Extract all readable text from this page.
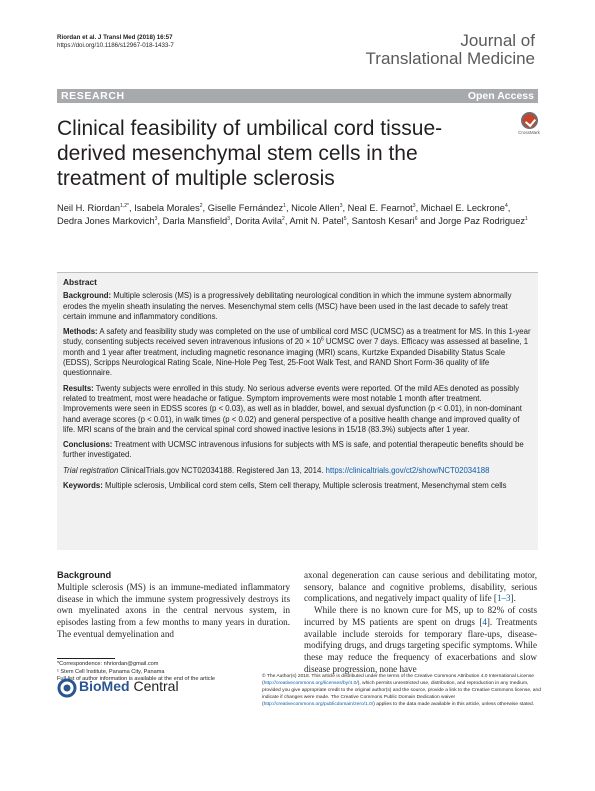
Riordan et al. J Transl Med (2018) 16:57
https://doi.org/10.1186/s12967-018-1433-7	Journal of
Translational Medicine
RESEARCH	Open Access
Clinical feasibility of umbilical cord tissue-derived mesenchymal stem cells in the treatment of multiple sclerosis
CrossMark
Neil H. Riordan$^{1,2*}$, Isabela Morales$^2$, Giselle Fernández$^1$, Nicole Allen$^3$, Neal E. Fearnot$^3$, Michael E. Leckrone$^4$, Dedra Jones Markovich$^3$, Darla Mansfield$^3$, Dorita Avila$^2$, Amit N. Patel$^5$, Santosh Kesari$^6$ and Jorge Paz Rodriguez$^1$
Abstract

Background: Multiple sclerosis (MS) is a progressively debilitating neurological condition in which the immune system abnormally erodes the myelin sheath insulating the nerves. Mesenchymal stem cells (MSC) have been used in the last decade to safely treat certain immune and inflammatory conditions.

Methods: A safety and feasibility study was completed on the use of umbilical cord MSC (UCMSC) as a treatment for MS. In this 1-year study, consenting subjects received seven intravenous infusions of $20 \times 10^6$ UCMSC over 7 days. Efficacy was assessed at baseline, 1 month and 1 year after treatment, including magnetic resonance imaging (MRI) scans, Kurtzke Expanded Disability Status Scale (EDSS), Scripps Neurological Rating Scale, Nine-Hole Peg Test, 25-Foot Walk Test, and RAND Short Form-36 quality of life questionnaire.

Results: Twenty subjects were enrolled in this study. No serious adverse events were reported. Of the mild AEs denoted as possibly related to treatment, most were headache or fatigue. Symptom improvements were most notable 1 month after treatment. Improvements were seen in EDSS scores (p < 0.03), as well as in bladder, bowel, and sexual dysfunction (p < 0.01), in non-dominant hand average scores (p < 0.01), in walk times (p < 0.02) and general perspective of a positive health change and improved quality of life. MRI scans of the brain and the cervical spinal cord showed inactive lesions in 15/18 (83.3%) subjects after 1 year.

Conclusions: Treatment with UCMSC intravenous infusions for subjects with MS is safe, and potential therapeutic benefits should be further investigated.

Trial registration ClinicalTrials.gov NCT02034188. Registered Jan 13, 2014. https://clinicaltrials.gov/ct2/show/NCT02034188

Keywords: Multiple sclerosis, Umbilical cord stem cells, Stem cell therapy, Multiple sclerosis treatment, Mesenchymal stem cells

Background
Multiple sclerosis (MS) is an immune-mediated inflammatory disease in which the immune system progressively destroys its own myelinated axons in the central nervous system, in episodes lasting from a few months to many years in duration. The eventual demyelination and

axonal degeneration can cause serious and debilitating motor, sensory, balance and cognitive problems, disability, serious complications, and negatively impact quality of life [1–3].

While there is no known cure for MS, up to 82% of costs incurred by MS patients are spent on drugs [4]. Treatments available include steroids for temporary flare-ups, disease-modifying drugs, and drugs targeting specific symptoms. While these may reduce the frequency of exacerbations and slow disease progression, none have

*Correspondence: nhriordan@gmail.com
¹ Stem Cell Institute, Panama City, Panama
Full list of author information is available at the end of the article
BioMed Central
© The Author(s) 2018. This article is distributed under the terms of the Creative Commons Attribution 4.0 International License (http://creativecommons.org/licenses/by/4.0/), which permits unrestricted use, distribution, and reproduction in any medium, provided you give appropriate credit to the original author(s) and the source, provide a link to the Creative Commons license, and indicate if changes were made. The Creative Commons Public Domain Dedication waiver (http://creativecommons.org/publicdomain/zero/1.0/) applies to the data made available in this article, unless otherwise stated.
